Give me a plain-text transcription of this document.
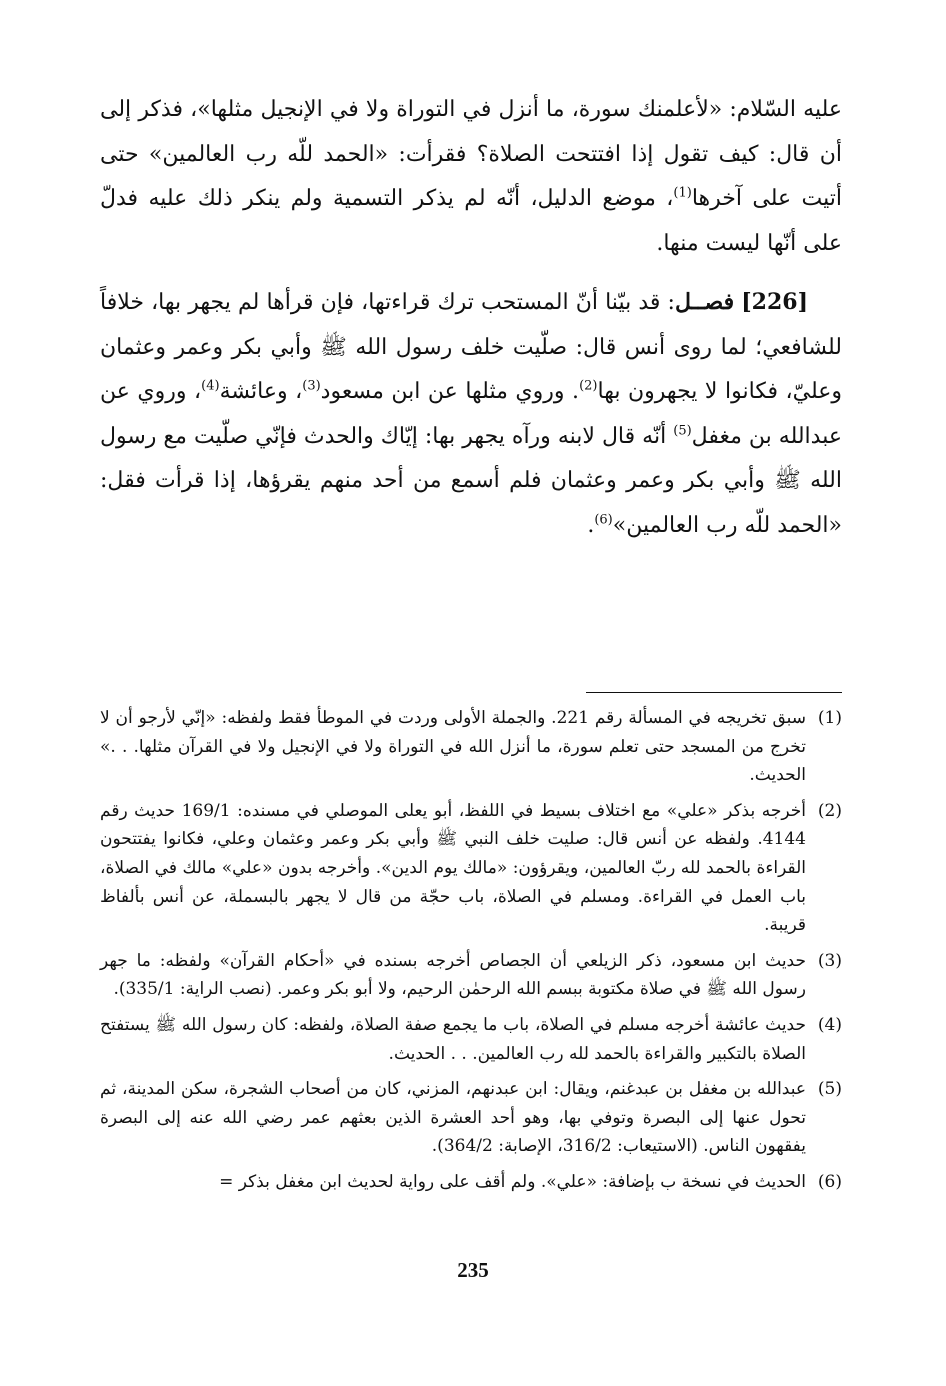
عليه السّلام: «لأعلمنك سورة، ما أنزل في التوراة ولا في الإنجيل مثلها»، فذكر إلى أن قال: كيف تقول إذا افتتحت الصلاة؟ فقرأت: «الحمد للّه رب العالمين» حتى أتيت على آخرها$^{(1)}$، موضع الدليل، أنّه لم يذكر التسمية ولم ينكر ذلك عليه فدلّ على أنّها ليست منها.

[226] فصــل: قد بيّنا أنّ المستحب ترك قراءتها، فإن قرأها لم يجهر بها، خلافاً للشافعي؛ لما روى أنس قال: صلّيت خلف رسول الله ﷺ وأبي بكر وعمر وعثمان وعليّ، فكانوا لا يجهرون بها$^{(2)}$. وروي مثلها عن ابن مسعود$^{(3)}$، وعائشة$^{(4)}$، وروي عن عبدالله بن مغفل$^{(5)}$ أنّه قال لابنه ورآه يجهر بها: إيّاك والحدث فإنّي صلّيت مع رسول الله ﷺ وأبي بكر وعمر وعثمان فلم أسمع من أحد منهم يقرؤها، إذا قرأت فقل: «الحمد للّه رب العالمين»$^{(6)}$.

(1)
سبق تخريجه في المسألة رقم 221. والجملة الأولى وردت في الموطأ فقط ولفظه: «إنّي لأرجو أن لا تخرج من المسجد حتى تعلم سورة، ما أنزل الله في التوراة ولا في الإنجيل ولا في القرآن مثلها. . .» الحديث.
(2)
أخرجه بذكر «علي» مع اختلاف بسيط في اللفظ، أبو يعلى الموصلي في مسنده: 169/1 حديث رقم 4144. ولفظه عن أنس قال: صليت خلف النبي ﷺ وأبي بكر وعمر وعثمان وعلي، فكانوا يفتتحون القراءة بالحمد لله ربّ العالمين، ويقرؤون: «مالك يوم الدين». وأخرجه بدون «علي» مالك في الصلاة، باب العمل في القراءة. ومسلم في الصلاة، باب حجّة من قال لا يجهر بالبسملة، عن أنس بألفاظ قريبة.
(3)
حديث ابن مسعود، ذكر الزيلعي أن الجصاص أخرجه بسنده في «أحكام القرآن» ولفظه: ما جهر رسول الله ﷺ في صلاة مكتوبة ببسم الله الرحمٰن الرحيم، ولا أبو بكر وعمر. (نصب الراية: 335/1).
(4)
حديث عائشة أخرجه مسلم في الصلاة، باب ما يجمع صفة الصلاة، ولفظه: كان رسول الله ﷺ يستفتح الصلاة بالتكبير والقراءة بالحمد لله رب العالمين. . . الحديث.
(5)
عبدالله بن مغفل بن عبدغنم، ويقال: ابن عبدنهم، المزني، كان من أصحاب الشجرة، سكن المدينة، ثم تحول عنها إلى البصرة وتوفي بها، وهو أحد العشرة الذين بعثهم عمر رضي الله عنه إلى البصرة يفقهون الناس. (الاستيعاب: 316/2، الإصابة: 364/2).
(6)
الحديث في نسخة ب بإضافة: «علي». ولم أقف على رواية لحديث ابن مغفل بذكر =
235
